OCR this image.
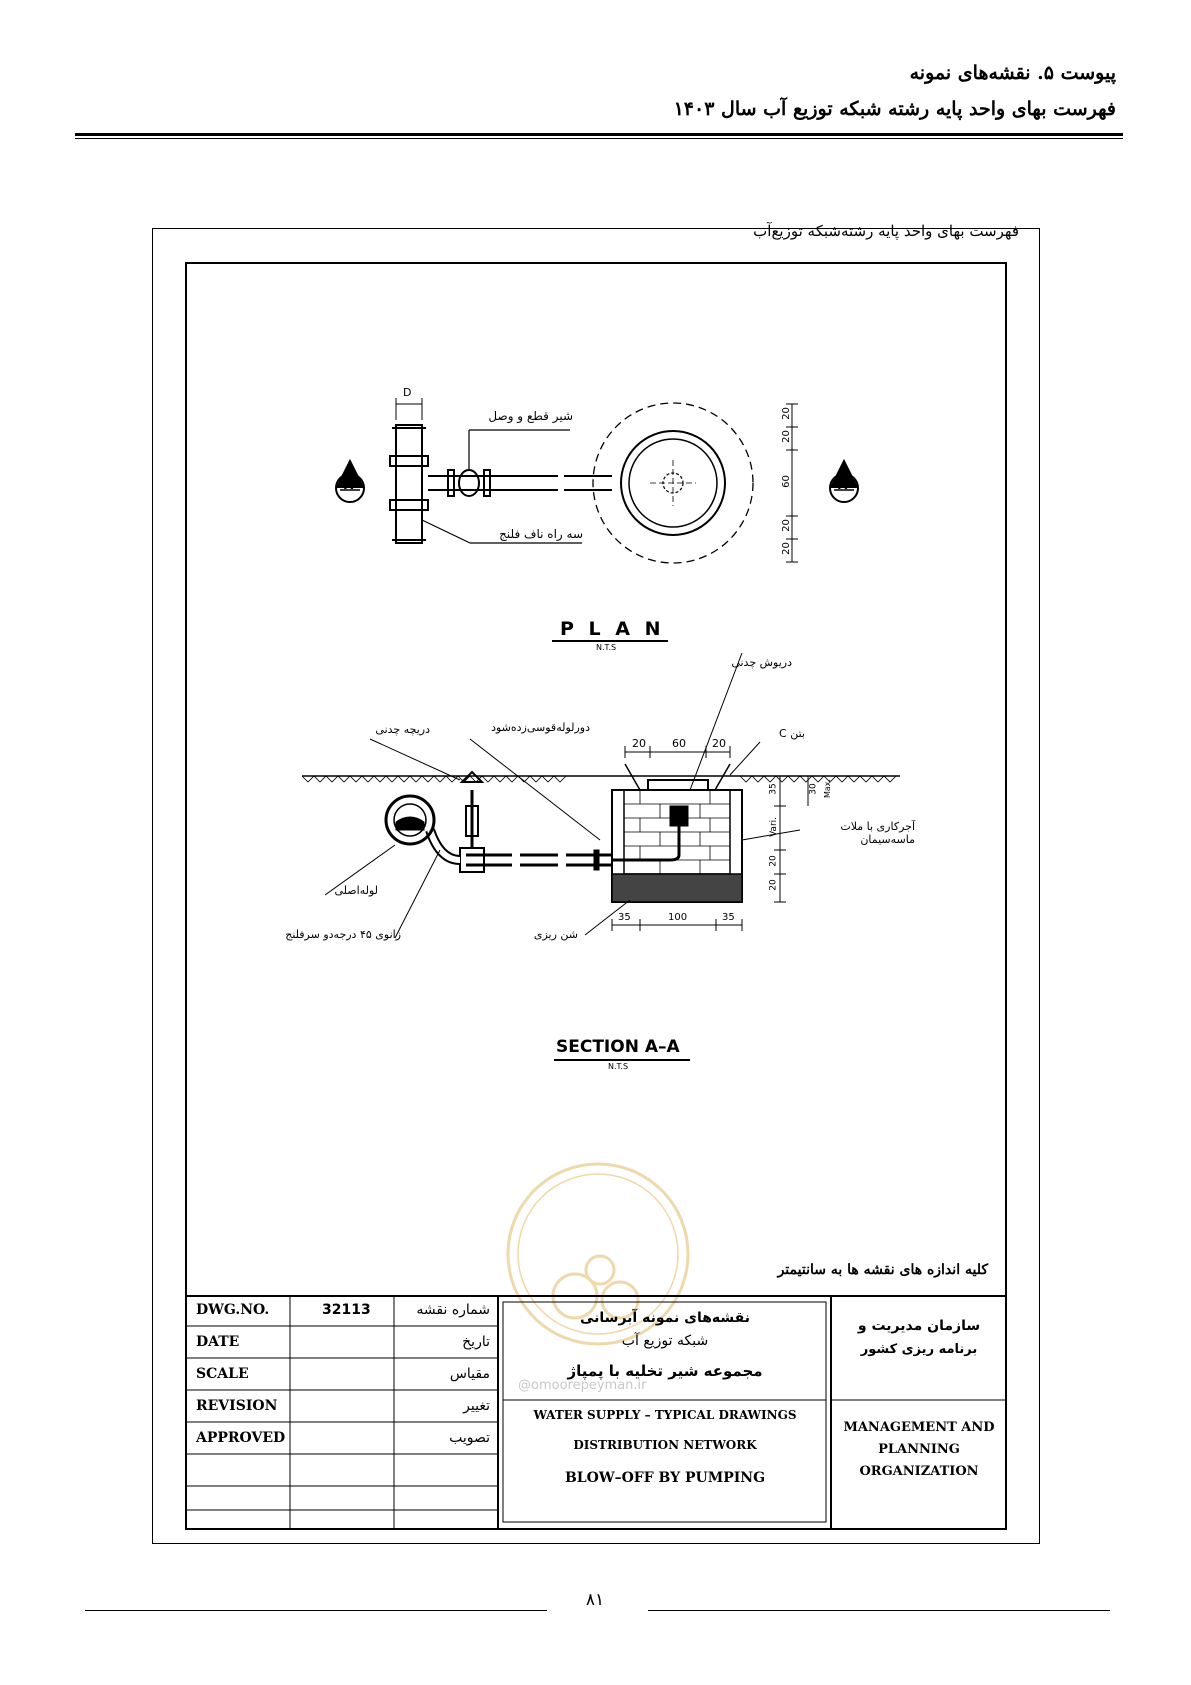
پیوست ۵. نقشه‌های نمونه
فهرست بهای واحد پایه رشته شبکه توزیع آب سال ۱۴۰۳
فهرست بهای واحد پایه رشته‌شبکه توزیع‌آب
D
شیر قطع و وصل
سه راه ناف فلنج
A	A
20
20
60
20
20
P L A N
N.T.S
دریوش چدنی
دریچه چدنی	دورلوله‌قوسی‌زده‌شود	بتن C
20 60 20
35	30 Max.
Vari.
20
20
آجرکاری با ملات ماسه‌سیمان
لوله‌اصلی
زانوی ۴۵ درجه‌دو سرفلنج	شن ریزی
35	100	35
SECTION A–A
N.T.S
کلیه اندازه های نقشه ها به سانتیمتر
DWG.NO.	32113	شماره نقشه
DATE	تاریخ
SCALE	مقیاس
REVISION	تغییر
APPROVED	تصویب
نقشه‌های نمونه آبرسانی
شبکه توزیع آب
مجموعه شیر تخلیه با پمپاژ
@omoorepeyman.ir
WATER SUPPLY – TYPICAL DRAWINGS
DISTRIBUTION NETWORK
BLOW–OFF BY PUMPING
سازمان مدیریت و
برنامه ریزی کشور
MANAGEMENT AND
PLANNING
ORGANIZATION
۸۱
